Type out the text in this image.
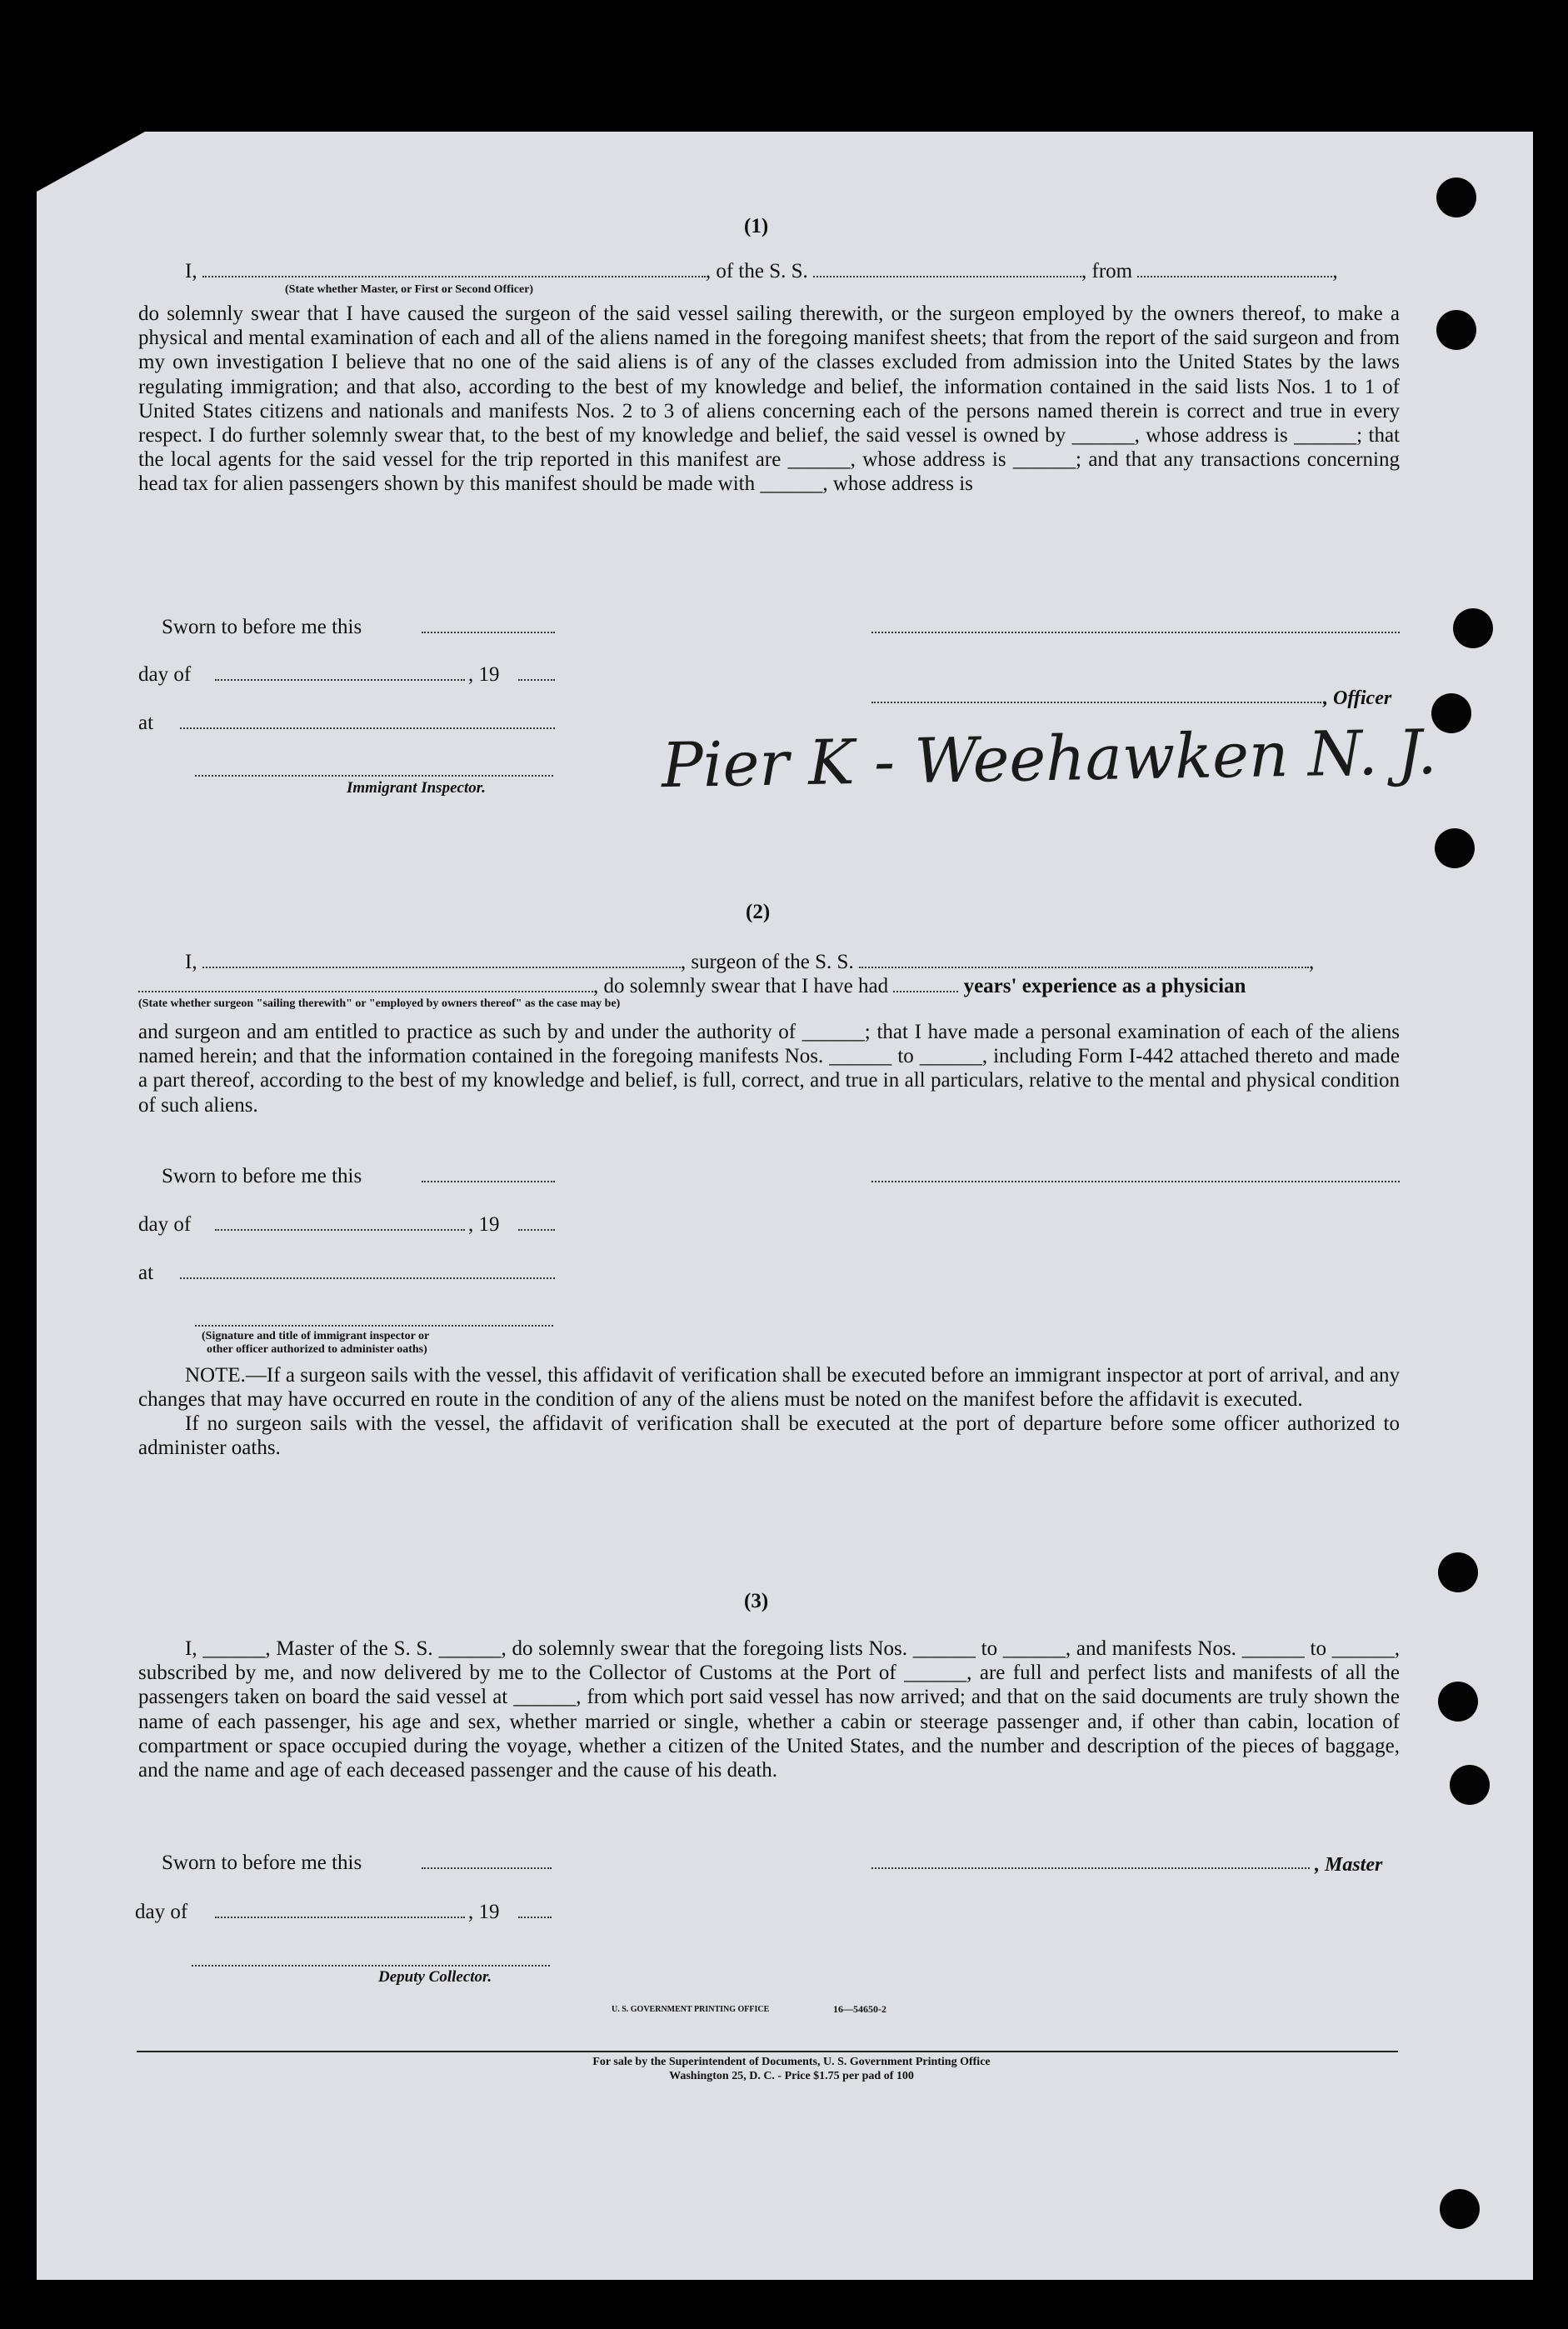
(1)
I,	, of the S. S.	, from	,
(State whether Master, or First or Second Officer)
do solemnly swear that I have caused the surgeon of the said vessel sailing therewith, or the surgeon employed by the owners thereof, to make a physical and mental examination of each and all of the aliens named in the foregoing manifest sheets; that from the report of the said surgeon and from my own investigation I believe that no one of the said aliens is of any of the classes excluded from admission into the United States by the laws regulating immigration; and that also, according to the best of my knowledge and belief, the information contained in the said lists Nos. 1 to 1 of United States citizens and nationals and manifests Nos. 2 to 3 of aliens concerning each of the persons named therein is correct and true in every respect. I do further solemnly swear that, to the best of my knowledge and belief, the said vessel is owned by ______, whose address is ______; that the local agents for the said vessel for the trip reported in this manifest are ______, whose address is ______; and that any transactions concerning head tax for alien passengers shown by this manifest should be made with ______, whose address is
Sworn to before me this
day of	, 19
, Officer
at
Immigrant Inspector.	Pier K - Weehawken N. J.
(2)
I,	, surgeon of the S. S.	,
, do solemnly swear that I have had	years' experience as a physician
(State whether surgeon "sailing therewith" or "employed by owners thereof" as the case may be)
and surgeon and am entitled to practice as such by and under the authority of ______; that I have made a personal examination of each of the aliens named herein; and that the information contained in the foregoing manifests Nos. ______ to ______, including Form I-442 attached thereto and made a part thereof, according to the best of my knowledge and belief, is full, correct, and true in all particulars, relative to the mental and physical condition of such aliens.
Sworn to before me this
day of	, 19
at
(Signature and title of immigrant inspector or
other officer authorized to administer oaths)

NOTE.—If a surgeon sails with the vessel, this affidavit of verification shall be executed before an immigrant inspector at port of arrival, and any changes that may have occurred en route in the condition of any of the aliens must be noted on the manifest before the affidavit is executed.

If no surgeon sails with the vessel, the affidavit of verification shall be executed at the port of departure before some officer authorized to administer oaths.

(3)
I, ______, Master of the S. S. ______, do solemnly swear that the foregoing lists Nos. ______ to ______, and manifests Nos. ______ to ______, subscribed by me, and now delivered by me to the Collector of Customs at the Port of ______, are full and perfect lists and manifests of all the passengers taken on board the said vessel at ______, from which port said vessel has now arrived; and that on the said documents are truly shown the name of each passenger, his age and sex, whether married or single, whether a cabin or steerage passenger and, if other than cabin, location of compartment or space occupied during the voyage, whether a citizen of the United States, and the number and description of the pieces of baggage, and the name and age of each deceased passenger and the cause of his death.
Sworn to before me this	, Master
day of	, 19
Deputy Collector.
U. S. GOVERNMENT PRINTING OFFICE	16—54650-2
For sale by the Superintendent of Documents, U. S. Government Printing Office
Washington 25, D. C. - Price $1.75 per pad of 100
